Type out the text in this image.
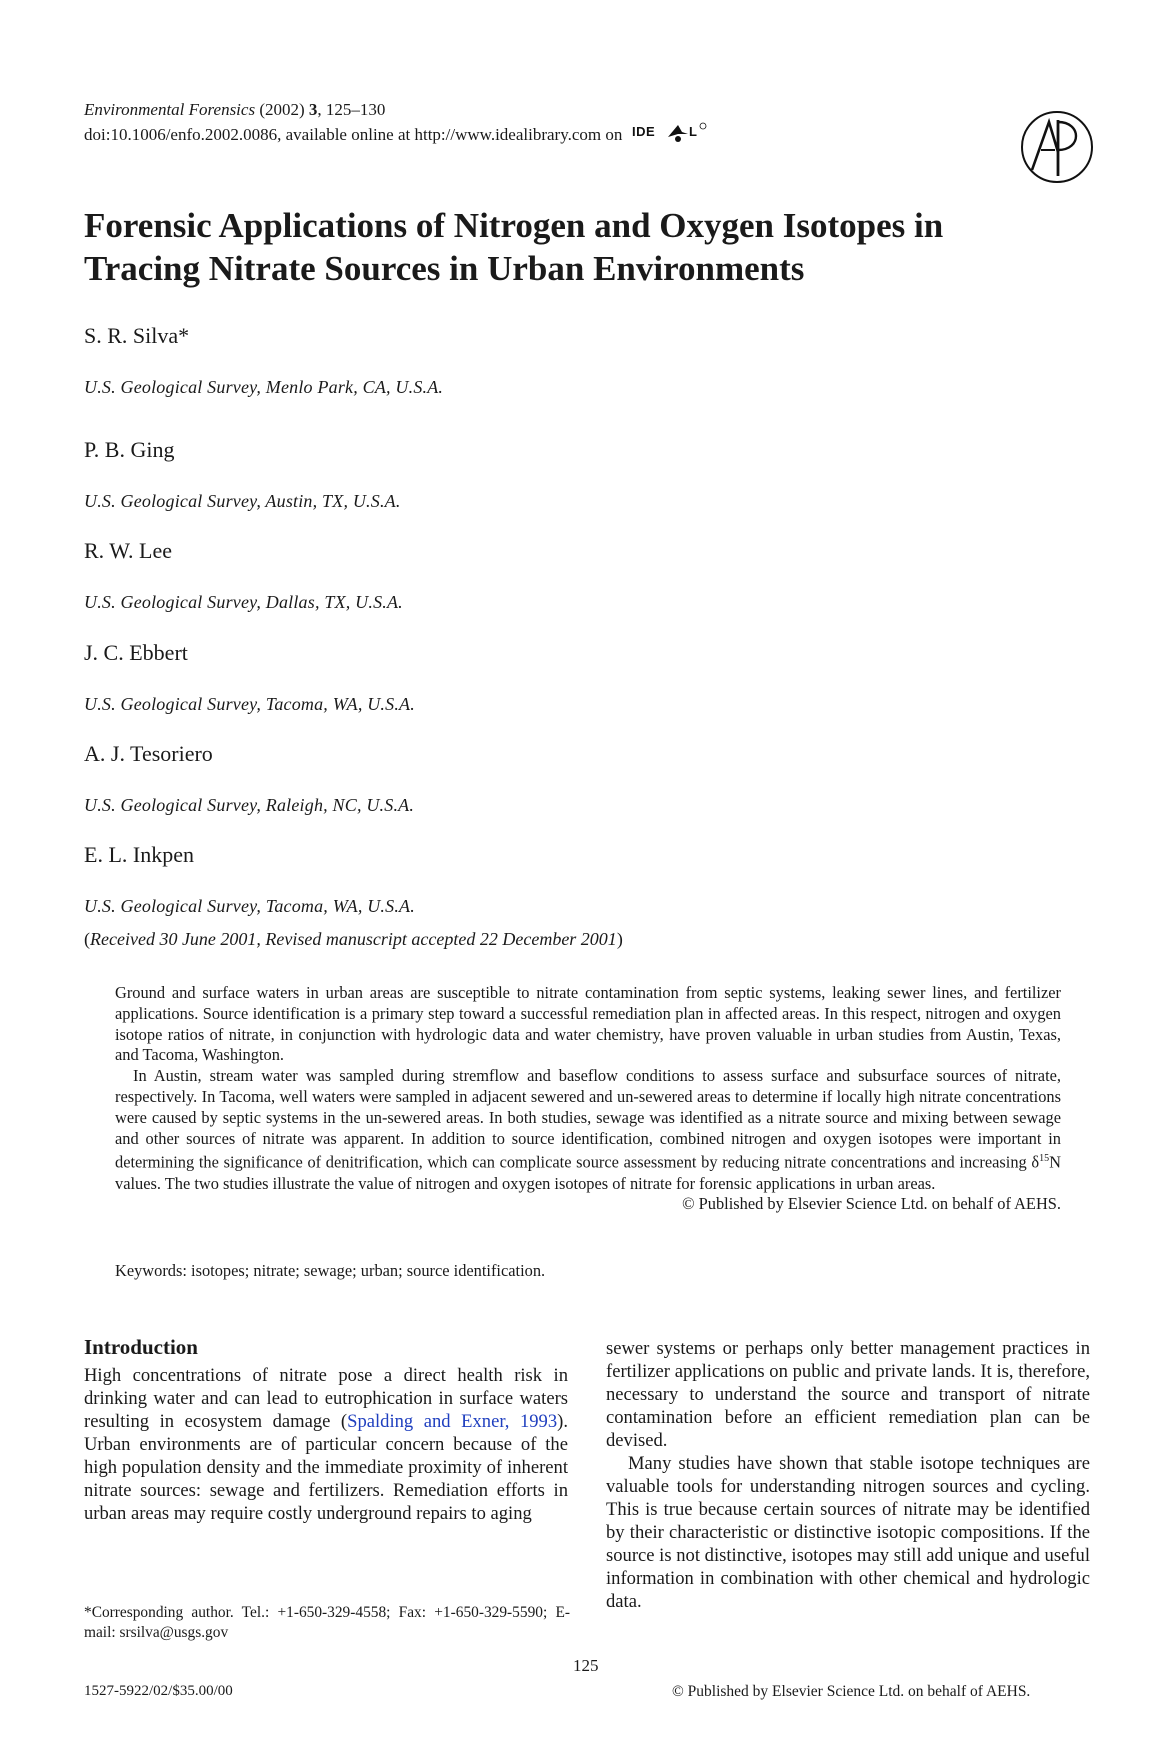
Environmental Forensics (2002) 3, 125–130
doi:10.1006/enfo.2002.0086, available online at http://www.idealibrary.com on IDE	L
Forensic Applications of Nitrogen and Oxygen Isotopes in
Tracing Nitrate Sources in Urban Environments
S. R. Silva*
U.S. Geological Survey, Menlo Park, CA, U.S.A.
P. B. Ging
U.S. Geological Survey, Austin, TX, U.S.A.
R. W. Lee
U.S. Geological Survey, Dallas, TX, U.S.A.
J. C. Ebbert
U.S. Geological Survey, Tacoma, WA, U.S.A.
A. J. Tesoriero
U.S. Geological Survey, Raleigh, NC, U.S.A.
E. L. Inkpen
U.S. Geological Survey, Tacoma, WA, U.S.A.
(Received 30 June 2001, Revised manuscript accepted 22 December 2001)

Ground and surface waters in urban areas are susceptible to nitrate contamination from septic systems, leaking sewer lines, and fertilizer applications. Source identification is a primary step toward a successful remediation plan in affected areas. In this respect, nitrogen and oxygen isotope ratios of nitrate, in conjunction with hydrologic data and water chemistry, have proven valuable in urban studies from Austin, Texas, and Tacoma, Washington.

In Austin, stream water was sampled during stremflow and baseflow conditions to assess surface and subsurface sources of nitrate, respectively. In Tacoma, well waters were sampled in adjacent sewered and un-sewered areas to determine if locally high nitrate concentrations were caused by septic systems in the un-sewered areas. In both studies, sewage was identified as a nitrate source and mixing between sewage and other sources of nitrate was apparent. In addition to source identification, combined nitrogen and oxygen isotopes were important in determining the significance of denitrification, which can complicate source assessment by reducing nitrate concentrations and increasing $\delta^{15}N$ values. The two studies illustrate the value of nitrogen and oxygen isotopes of nitrate for forensic applications in urban areas.
© Published by Elsevier Science Ltd. on behalf of AEHS.

Keywords: isotopes; nitrate; sewage; urban; source identification.

Introduction

High concentrations of nitrate pose a direct health risk in drinking water and can lead to eutrophication in surface waters resulting in ecosystem damage (Spalding and Exner, 1993). Urban environments are of particular concern because of the high population density and the immediate proximity of inherent nitrate sources: sewage and fertilizers. Remediation efforts in urban areas may require costly underground repairs to aging

sewer systems or perhaps only better management practices in fertilizer applications on public and private lands. It is, therefore, necessary to understand the source and transport of nitrate contamination before an efficient remediation plan can be devised.

Many studies have shown that stable isotope techniques are valuable tools for understanding nitrogen sources and cycling. This is true because certain sources of nitrate may be identified by their characteristic or distinctive isotopic compositions. If the source is not distinctive, isotopes may still add unique and useful information in combination with other chemical and hydrologic data.

*Corresponding author. Tel.: +1-650-329-4558; Fax: +1-650-329-5590; E-mail: srsilva@usgs.gov
125
1527-5922/02/$35.00/00	© Published by Elsevier Science Ltd. on behalf of AEHS.
